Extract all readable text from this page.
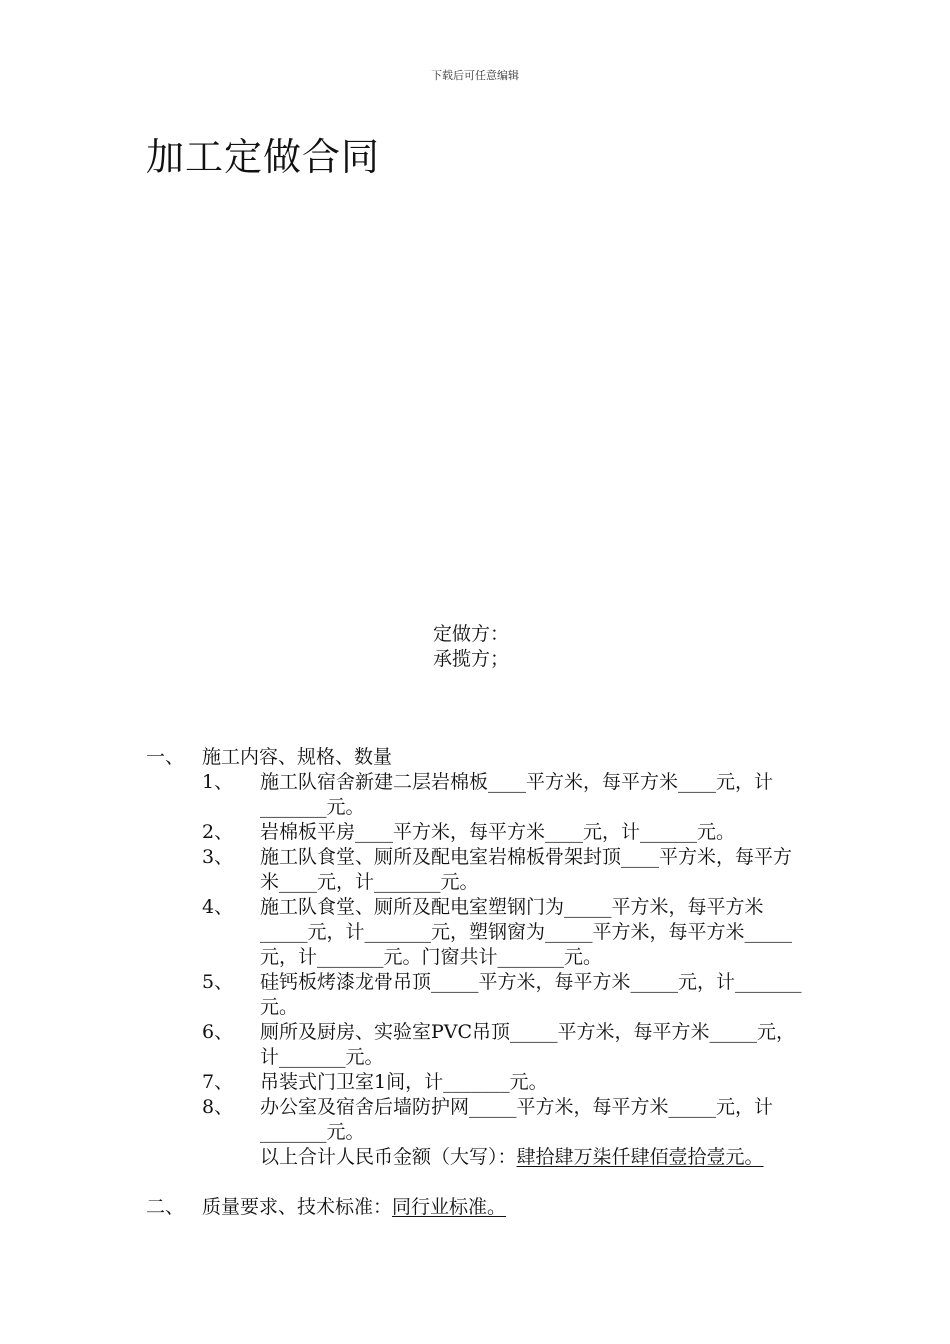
下载后可任意编辑
加工定做合同
定做方：
承揽方；
一、 施工内容、规格、数量

1、 施工队宿舍新建二层岩棉板____平方米，每平方米____元，计_______元。

2、 岩棉板平房____平方米，每平方米____元，计______元。

3、 施工队食堂、厕所及配电室岩棉板骨架封顶____平方米，每平方米____元，计_______元。

4、 施工队食堂、厕所及配电室塑钢门为_____平方米，每平方米_____元，计_______元，塑钢窗为_____平方米，每平方米_____元，计_______元。门窗共计_______元。

5、 硅钙板烤漆龙骨吊顶_____平方米，每平方米_____元，计_______元。

6、 厕所及厨房、实验室PVC吊顶_____平方米，每平方米_____元，计_______元。

7、 吊装式门卫室1间，计_______元。

8、 办公室及宿舍后墙防护网_____平方米，每平方米_____元，计_______元。

以上合计人民币金额（大写）：肆拾肆万柒仟肆佰壹拾壹元。

二、 质量要求、技术标准：同行业标准。
